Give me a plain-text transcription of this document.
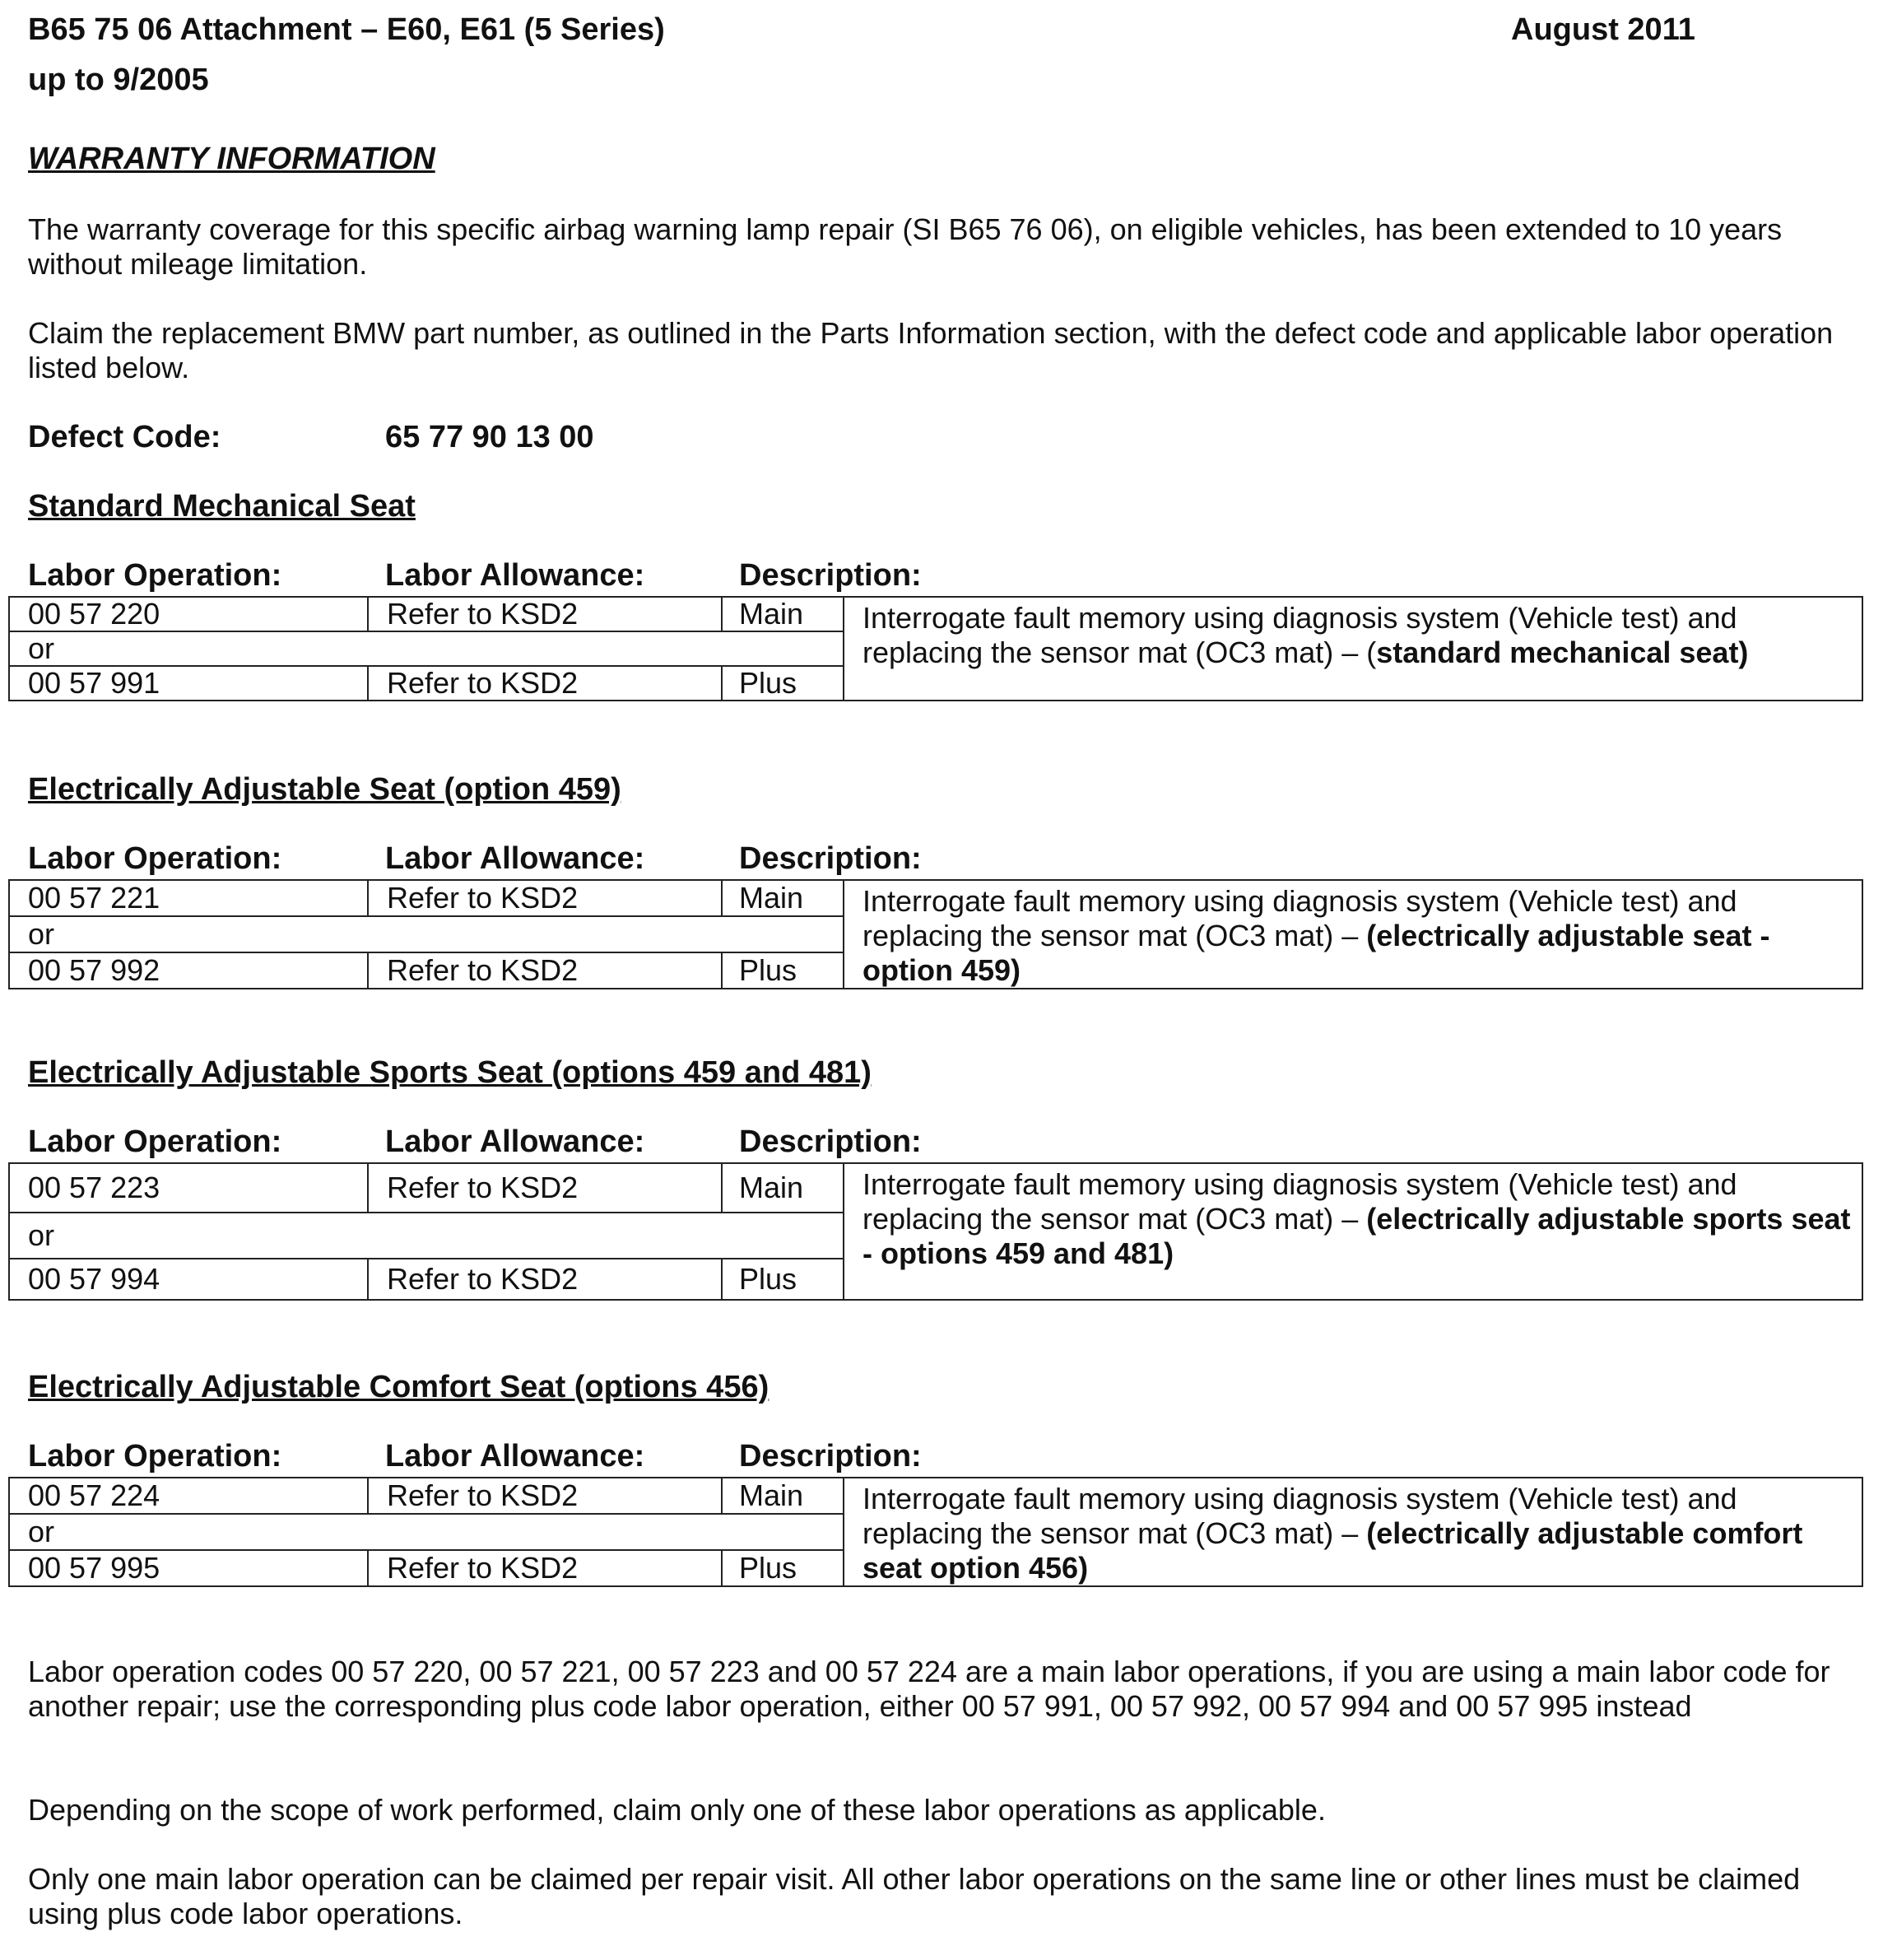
B65 75 06 Attachment – E60, E61 (5 Series)
up to 9/2005
August 2011
WARRANTY INFORMATION
The warranty coverage for this specific airbag warning lamp repair (SI B65 76 06), on eligible vehicles, has been extended to 10 years without mileage limitation.
Claim the replacement BMW part number, as outlined in the Parts Information section, with the defect code and applicable labor operation listed below.
Defect Code:	65 77 90 13 00
Standard Mechanical Seat
Labor Operation:	Labor Allowance:	Description:
00 57 220	Refer to KSD2	Main	Interrogate fault memory using diagnosis system (Vehicle test) and replacing the sensor mat (OC3 mat) – (standard mechanical seat)
or			
00 57 991	Refer to KSD2	Plus	
Electrically Adjustable Seat (option 459)
Labor Operation:	Labor Allowance:	Description:
00 57 221	Refer to KSD2	Main	Interrogate fault memory using diagnosis system (Vehicle test) and replacing the sensor mat (OC3 mat) – (electrically adjustable seat - option 459)
or			
00 57 992	Refer to KSD2	Plus	
Electrically Adjustable Sports Seat (options 459 and 481)
Labor Operation:	Labor Allowance:	Description:
00 57 223	Refer to KSD2	Main	Interrogate fault memory using diagnosis system (Vehicle test) and replacing the sensor mat (OC3 mat) – (electrically adjustable sports seat - options 459 and 481)
or			
00 57 994	Refer to KSD2	Plus	
Electrically Adjustable Comfort Seat (options 456)
Labor Operation:	Labor Allowance:	Description:
00 57 224	Refer to KSD2	Main	Interrogate fault memory using diagnosis system (Vehicle test) and replacing the sensor mat (OC3 mat) – (electrically adjustable comfort seat option 456)
or			
00 57 995	Refer to KSD2	Plus	
Labor operation codes 00 57 220, 00 57 221, 00 57 223 and 00 57 224 are a main labor operations, if you are using a main labor code for another repair; use the corresponding plus code labor operation, either 00 57 991, 00 57 992, 00 57 994 and 00 57 995 instead
Depending on the scope of work performed, claim only one of these labor operations as applicable.
Only one main labor operation can be claimed per repair visit. All other labor operations on the same line or other lines must be claimed using plus code labor operations.
